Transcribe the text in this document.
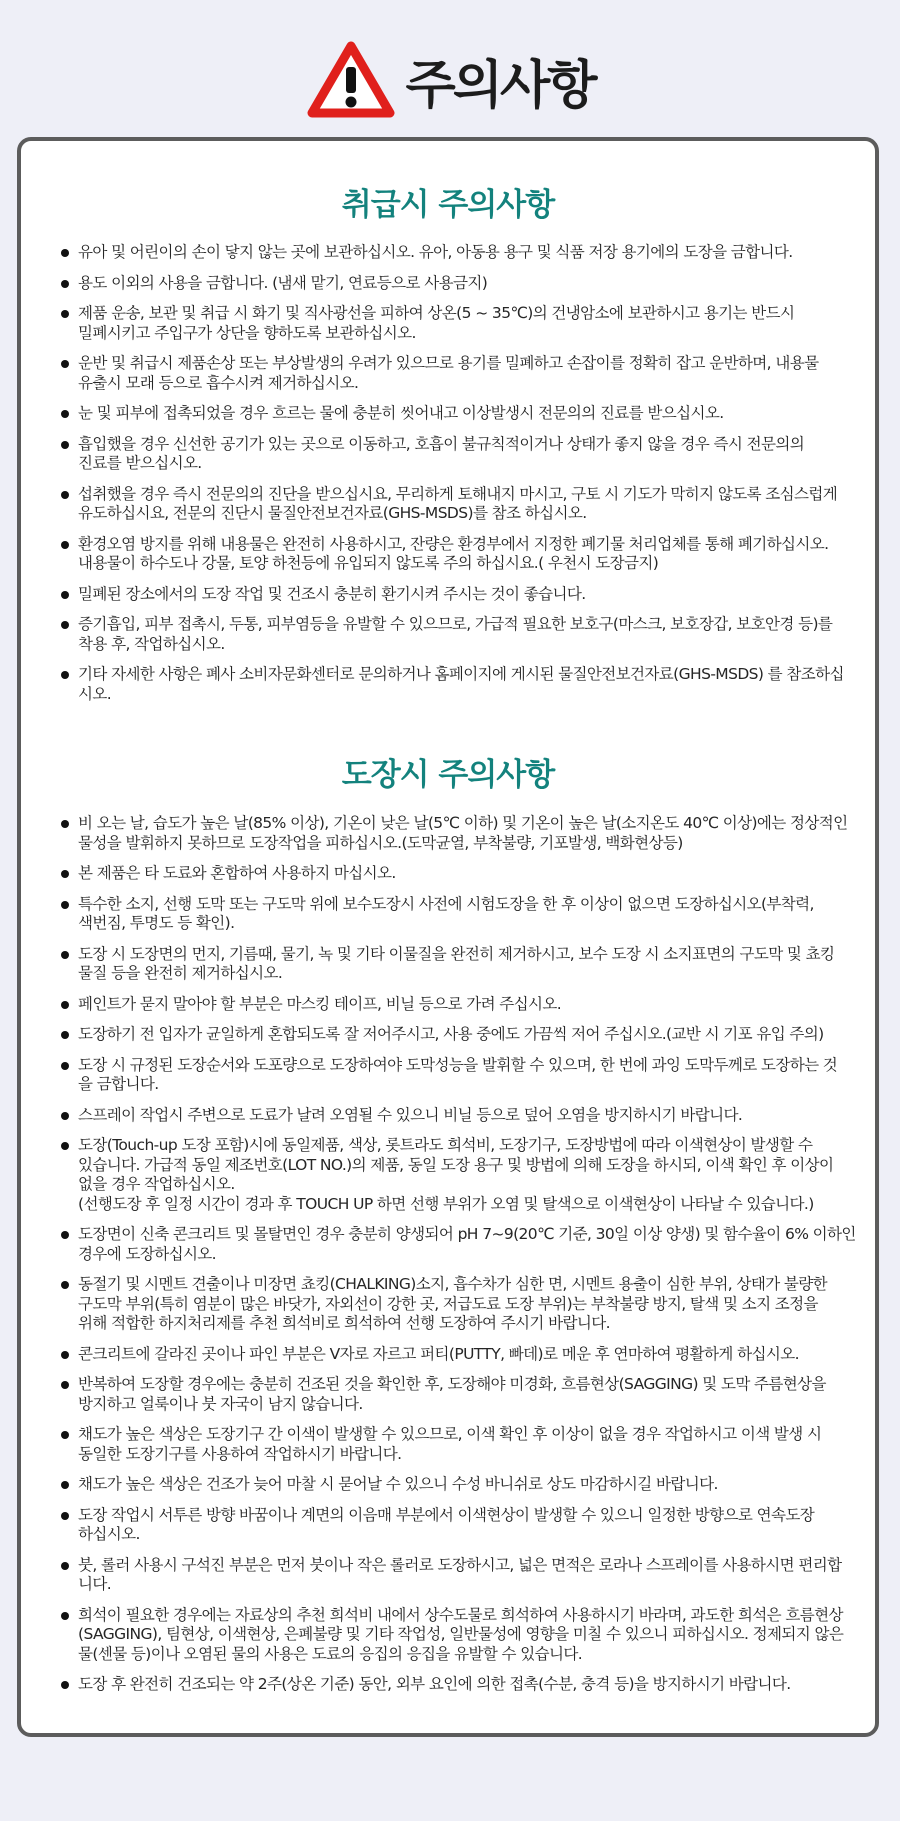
주의사항
취급시 주의사항
유아 및 어린이의 손이 닿지 않는 곳에 보관하십시오. 유아, 아동용 용구 및 식품 저장 용기에의 도장을 금합니다.
용도 이외의 사용을 금합니다. (냄새 맡기, 연료등으로 사용금지)
제품 운송, 보관 및 취급 시 화기 및 직사광선을 피하여 상온(5 ~ 35℃)의 건냉암소에 보관하시고 용기는 반드시
밀폐시키고 주입구가 상단을 향하도록 보관하십시오.
운반 및 취급시 제품손상 또는 부상발생의 우려가 있으므로 용기를 밀폐하고 손잡이를 정확히 잡고 운반하며, 내용물
유출시 모래 등으로 흡수시켜 제거하십시오.
눈 및 피부에 접촉되었을 경우 흐르는 물에 충분히 씻어내고 이상발생시 전문의의 진료를 받으십시오.
흡입했을 경우 신선한 공기가 있는 곳으로 이동하고, 호흡이 불규칙적이거나 상태가 좋지 않을 경우 즉시 전문의의
진료를 받으십시오.
섭취했을 경우 즉시 전문의의 진단을 받으십시요, 무리하게 토해내지 마시고, 구토 시 기도가 막히지 않도록 조심스럽게
유도하십시요, 전문의 진단시 물질안전보건자료(GHS-MSDS)를 참조 하십시오.
환경오염 방지를 위해 내용물은 완전히 사용하시고, 잔량은 환경부에서 지정한 폐기물 처리업체를 통해 폐기하십시오.
내용물이 하수도나 강물, 토양 하천등에 유입되지 않도록 주의 하십시요.( 우천시 도장금지)
밀폐된 장소에서의 도장 작업 및 건조시 충분히 환기시켜 주시는 것이 좋습니다.
증기흡입, 피부 접촉시, 두통, 피부염등을 유발할 수 있으므로, 가급적 필요한 보호구(마스크, 보호장갑, 보호안경 등)를
착용 후, 작업하십시오.
기타 자세한 사항은 폐사 소비자문화센터로 문의하거나 홈페이지에 게시된 물질안전보건자료(GHS-MSDS) 를 참조하십
시오.
도장시 주의사항
비 오는 날, 습도가 높은 날(85% 이상), 기온이 낮은 날(5℃ 이하) 및 기온이 높은 날(소지온도 40℃ 이상)에는 정상적인
물성을 발휘하지 못하므로 도장작업을 피하십시오.(도막균열, 부착불량, 기포발생, 백화현상등)
본 제품은 타 도료와 혼합하여 사용하지 마십시오.
특수한 소지, 선행 도막 또는 구도막 위에 보수도장시 사전에 시험도장을 한 후 이상이 없으면 도장하십시오(부착력,
색번짐, 투명도 등 확인).
도장 시 도장면의 먼지, 기름때, 물기, 녹 및 기타 이물질을 완전히 제거하시고, 보수 도장 시 소지표면의 구도막 및 쵸킹
물질 등을 완전히 제거하십시오.
페인트가 묻지 말아야 할 부분은 마스킹 테이프, 비닐 등으로 가려 주십시오.
도장하기 전 입자가 균일하게 혼합되도록 잘 저어주시고, 사용 중에도 가끔씩 저어 주십시오.(교반 시 기포 유입 주의)
도장 시 규정된 도장순서와 도포량으로 도장하여야 도막성능을 발휘할 수 있으며, 한 번에 과잉 도막두께로 도장하는 것
을 금합니다.
스프레이 작업시 주변으로 도료가 날려 오염될 수 있으니 비닐 등으로 덮어 오염을 방지하시기 바랍니다.
도장(Touch-up 도장 포함)시에 동일제품, 색상, 롯트라도 희석비, 도장기구, 도장방법에 따라 이색현상이 발생할 수
있습니다. 가급적 동일 제조번호(LOT NO.)의 제품, 동일 도장 용구 및 방법에 의해 도장을 하시되, 이색 확인 후 이상이
없을 경우 작업하십시오.
(선행도장 후 일정 시간이 경과 후 TOUCH UP 하면 선행 부위가 오염 및 탈색으로 이색현상이 나타날 수 있습니다.)
도장면이 신축 콘크리트 및 몰탈면인 경우 충분히 양생되어 pH 7~9(20℃ 기준, 30일 이상 양생) 및 함수율이 6% 이하인
경우에 도장하십시오.
동절기 및 시멘트 견출이나 미장면 쵸킹(CHALKING)소지, 흡수차가 심한 면, 시멘트 용출이 심한 부위, 상태가 불량한
구도막 부위(특히 염분이 많은 바닷가, 자외선이 강한 곳, 저급도료 도장 부위)는 부착불량 방지, 탈색 및 소지 조정을
위해 적합한 하지처리제를 추천 희석비로 희석하여 선행 도장하여 주시기 바랍니다.
콘크리트에 갈라진 곳이나 파인 부분은 V자로 자르고 퍼티(PUTTY, 빠데)로 메운 후 연마하여 평활하게 하십시오.
반복하여 도장할 경우에는 충분히 건조된 것을 확인한 후, 도장해야 미경화, 흐름현상(SAGGING) 및 도막 주름현상을
방지하고 얼룩이나 붓 자국이 남지 않습니다.
채도가 높은 색상은 도장기구 간 이색이 발생할 수 있으므로, 이색 확인 후 이상이 없을 경우 작업하시고 이색 발생 시
동일한 도장기구를 사용하여 작업하시기 바랍니다.
채도가 높은 색상은 건조가 늦어 마찰 시 묻어날 수 있으니 수성 바니쉬로 상도 마감하시길 바랍니다.
도장 작업시 서투른 방향 바꿈이나 계면의 이음매 부분에서 이색현상이 발생할 수 있으니 일정한 방향으로 연속도장
하십시오.
붓, 롤러 사용시 구석진 부분은 먼저 붓이나 작은 롤러로 도장하시고, 넓은 면적은 로라나 스프레이를 사용하시면 편리합
니다.
희석이 필요한 경우에는 자료상의 추천 희석비 내에서 상수도물로 희석하여 사용하시기 바라며, 과도한 희석은 흐름현상
(SAGGING), 팀현상, 이색현상, 은폐불량 및 기타 작업성, 일반물성에 영향을 미칠 수 있으니 피하십시오. 정제되지 않은
물(센물 등)이나 오염된 물의 사용은 도료의 응집의 응집을 유발할 수 있습니다.
도장 후 완전히 건조되는 약 2주(상온 기준) 동안, 외부 요인에 의한 접촉(수분, 충격 등)을 방지하시기 바랍니다.
